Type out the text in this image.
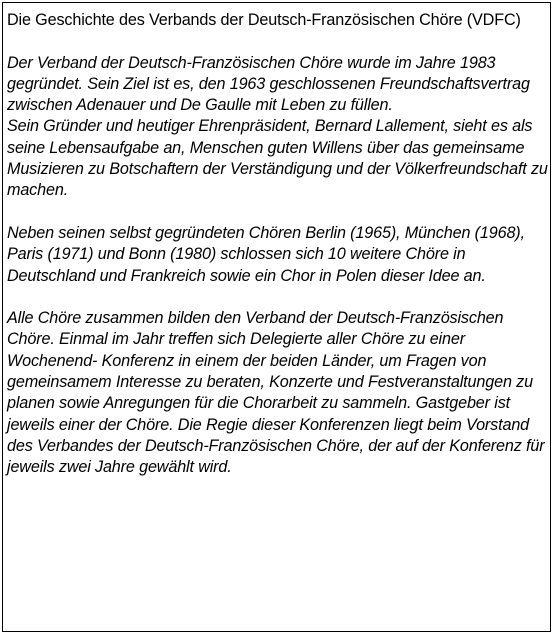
Die Geschichte des Verbands der Deutsch-Französischen Chöre (VDFC)
Der Verband der Deutsch-Französischen Chöre wurde im Jahre 1983 gegründet. Sein Ziel ist es, den 1963 geschlossenen Freundschaftsvertrag zwischen Adenauer und De Gaulle mit Leben zu füllen.
Sein Gründer und heutiger Ehrenpräsident, Bernard Lallement, sieht es als seine Lebensaufgabe an, Menschen guten Willens über das gemeinsame Musizieren zu Botschaftern der Verständigung und der Völkerfreundschaft zu machen.
Neben seinen selbst gegründeten Chören Berlin (1965), München (1968), Paris (1971) und Bonn (1980) schlossen sich 10 weitere Chöre in Deutschland und Frankreich sowie ein Chor in Polen dieser Idee an.
Alle Chöre zusammen bilden den Verband der Deutsch-Französischen Chöre. Einmal im Jahr treffen sich Delegierte aller Chöre zu einer Wochenend- Konferenz in einem der beiden Länder, um Fragen von gemeinsamem Interesse zu beraten, Konzerte und Festveranstaltungen zu planen sowie Anregungen für die Chorarbeit zu sammeln. Gastgeber ist jeweils einer der Chöre. Die Regie dieser Konferenzen liegt beim Vorstand des Verbandes der Deutsch-Französischen Chöre, der auf der Konferenz für jeweils zwei Jahre gewählt wird.
